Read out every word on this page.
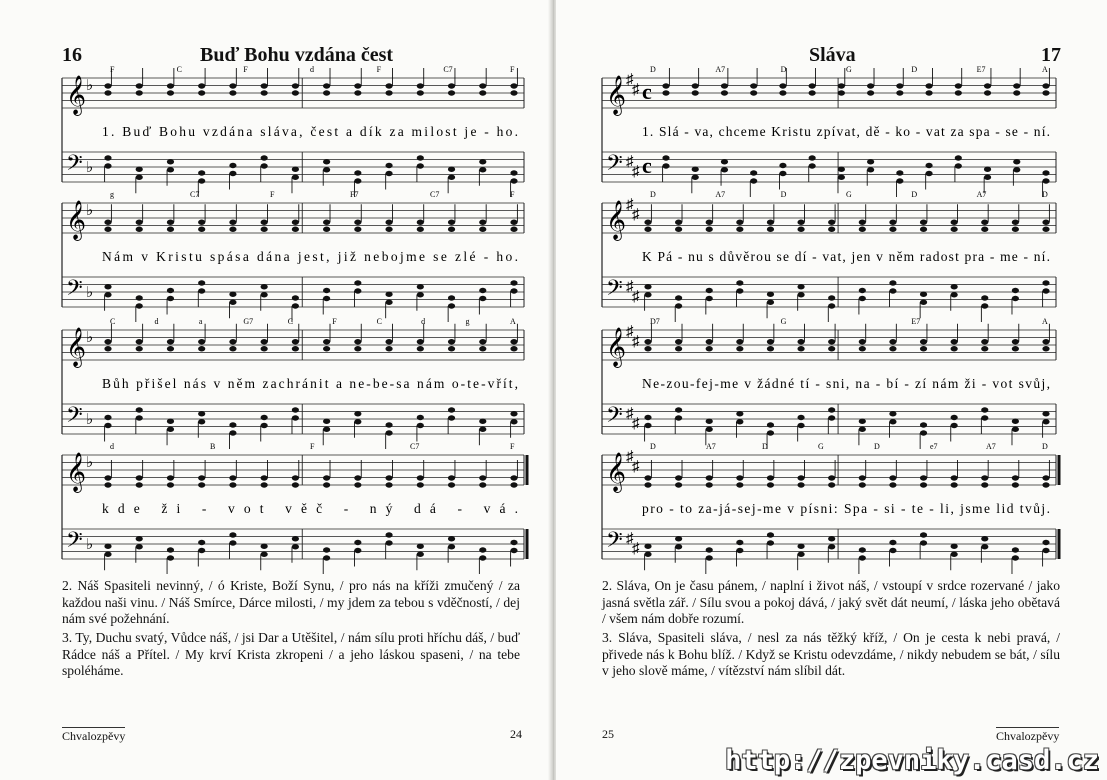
16	Buď Bohu vzdána čest
𝄞
𝄢
♭
♭
F	C	F	d	F	C7	F
1. Buď Bohu vzdána sláva, čest a dík za milost je - ho.
𝄞
𝄢
♭
♭
g	C7	F	F7	C7	F
Nám v Kristu spása dána jest, již nebojme se zlé - ho.
𝄞
𝄢
♭
♭
C	d	a	G7	C	F	C	d	g	A
Bůh přišel nás v něm zachránit a ne-be-sa nám o-te-vřít,
𝄞
𝄢
♭
♭
d	B	F	C7	F
kde ži - vot věč - ný dá - vá.

2. Náš Spasiteli nevinný, / ó Kriste, Boží Synu, / pro nás na kříži zmučený / za každou naši vinu. / Náš Smírce, Dárce milosti, / my jdem za tebou s vděčností, / dej nám své požehnání.

3. Ty, Duchu svatý, Vůdce náš, / jsi Dar a Utěšitel, / nám sílu proti hříchu dáš, / buď Rádce náš a Přítel. / My krví Krista zkropeni / a jeho láskou spaseni, / na tebe spoléháme.

Chvalozpěvy	24
Sláva	17
𝄞
𝄢
♯
♯
♯
♯
c
c
D	A7	D	G	D	E7	A
1. Slá - va, chceme Kristu zpívat, dě - ko - vat za spa - se - ní.
𝄞
𝄢
♯
♯
♯
♯
D	A7	D	G	D	A7	D
K Pá - nu s důvěrou se dí - vat, jen v něm radost pra - me - ní.
𝄞
𝄢
♯
♯
♯
♯
D7	G	E7	A
Ne-zou-fej-me v žádné tí - sni, na - bí - zí nám ži - vot svůj,
𝄞
𝄢
♯
♯
♯
♯
D	A7	D	G	D	e7	A7	D
pro - to za-já-sej-me v písni: Spa - si - te - li, jsme lid tvůj.

2. Sláva, On je času pánem, / naplní i život náš, / vstoupí v srdce rozervané / jako jasná světla zář. / Sílu svou a pokoj dává, / jaký svět dát neumí, / láska jeho obětavá / všem nám dobře rozumí.

3. Sláva, Spasiteli sláva, / nesl za nás těžký kříž, / On je cesta k nebi pravá, / přivede nás k Bohu blíž. / Když se Kristu odevzdáme, / nikdy nebudem se bát, / sílu v jeho slově máme, / vítězství nám slíbil dát.

25	Chvalozpěvy
http://zpevniky.casd.cz
